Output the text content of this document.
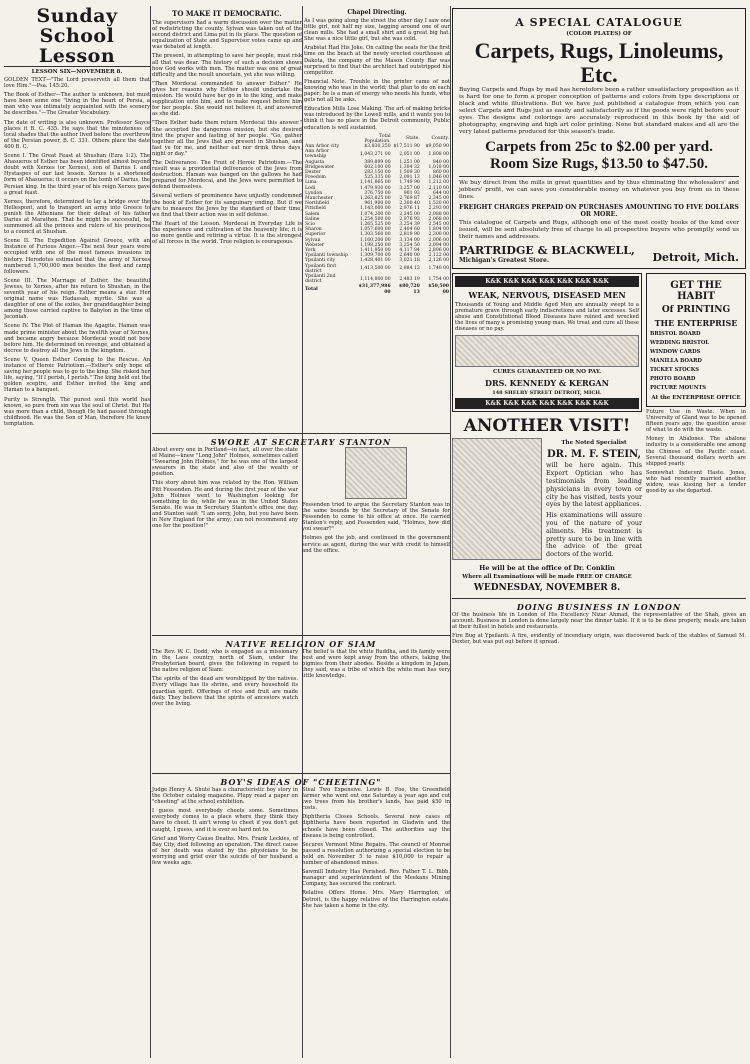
Sunday School Lesson
LESSON SIX—NOVEMBER 8.

GOLDEN TEXT—"The Lord preserveth all them that love Him."—Psa. 145:20.

The Book of Esther—The author is unknown, but must have been some one "living in the heart of Persia, a man who was intimately acquainted with the scenery he describes."—The Greater Vocabulary.

The date of writing is also unknown. Professor Sayce places it B. C. 435. He says that the minuteness of local shades that the author lived before the overthrow of the Persian power, B. C. 331. Others place the date 400 B. C.

Scene I. The Great Feast at Shushan (Ezra 1:2). The Ahasuerus of Esther has been identified almost beyond doubt with Xerxes (or Xerxes), son of Darius I. and Hystaspes of our last lesson. Xerxes is a shortened form of Ahasuerus; it occurs on the tomb of Darius, the Persian king. In the third year of his reign Xerxes gave a great feast.

Xerxes, therefore, determined to lay a bridge over the Hellespont, and to transport an army into Greece to punish the Athenians for their defeat of his father Darius at Marathon. That he might be successful, he summoned all the princes and rulers of his provinces to a council at Shushan.

Scene II. The Expedition Against Greece, with an Instance of Furious Anger.—The next four years were occupied with one of the most famous invasions in history. Herodotus estimated that the army of Xerxes numbered 1,700,000 men besides the fleet and camp followers.

Scene III. The Marriage of Esther, the beautiful Jewess, to Xerxes, after his return to Shushan, in the seventh year of his reign. Esther means a star. Her original name was Hadassah, myrtle. She was a daughter of one of the exiles, her granddaughter being among those carried captive to Babylon in the time of Jeconiah.

Scene IV. The Plot of Haman the Agagite. Haman was made prime minister about the twelfth year of Xerxes, and became angry because Mordecai would not bow before him. He determined on revenge, and obtained a decree to destroy all the Jews in the kingdom.

Scene V. Queen Esther Coming to the Rescue. An instance of Heroic Patriotism.—Esther's only hope of saving her people was to go to the king. She risked her life, saying, "If I perish, I perish." The king held out the golden sceptre, and Esther invited the king and Haman to a banquet.

Purity is Strength. The purest soul this world has known, so pure from sin was the soul of Christ. But He was more than a child, though He had passed through childhood. He was the Son of Man, therefore He knew temptation.

TO MAKE IT DEMOCRATIC.

The supervisors had a warm discussion over the matter of redistricting the county. Sylvan was taken out of the second district and Lima put in its place. The question of equalization of State and Supervisor votes came up and was debated at length.

The present, in attempting to save her people, must risk all that was dear. The history of such a decision shows how God works with men. The matter was one of great difficulty and the result uncertain, yet she was willing.

"Then Mordecai commanded to answer Esther." He gives her reasons why Esther should undertake the mission. He would have her go in to the king, and make supplication unto him, and to make request before him for her people. She would not believe it, and answered as she did.

"Then Esther bade them return Mordecai this answer." She accepted the dangerous mission, but she desired first the prayer and fasting of her people. "Go, gather together all the Jews that are present in Shushan, and fast ye for me, and neither eat nor drink three days, night or day."

The Deliverance. The Fruit of Heroic Patriotism.—The result was a providential deliverance of the Jews from destruction. Haman was hanged on the gallows he had prepared for Mordecai, and the Jews were permitted to defend themselves.

Several writers of prominence have unjustly condemned the book of Esther for its sanguinary ending. But if we are to measure the Jews by the standard of their time, we find that their action was in self defense.

The Heart of the Lesson. Mordecai in Everyday Life is the experience and cultivation of the heavenly life; it is no more gentle and retiring a virtue. It is the strongest of all forces in the world. True religion is courageous.

Chapel Directing.

As I was going along the street the other day I saw one little girl, not half my size, tagging around one of our clean mills. She had a small shirt and a great big hat. She was a nice little girl, but she was cold.

Arabstat Had His Joke. On calling the seats for the first time on the beach at the newly erected courthouse at Dakota, the company of the Mason County Bar was surprised to find that the architect had outstripped his competitor.

Financial Note. Trouble in the printer came of not knowing who was in the world; that plan to do on each paper; he is a man of energy who needs his funds, who gets not all he asks.

Education Mills Lose Making. The art of making bricks was introduced by the Lowell mills, and it wants you to think it has no place in the Detroit community, Public education is well sustained.

	Total Population.	State.	County.
Ann Arbor city	$3,830,250	$17,511 90	$9,050 90
Ann Arbor township	1,043,271 00	2,051 00	1,808 00
Augusta	389,899 00	1,251 00	840 00
Bridgewater	602,100 00	1,304 32	1,018 00
Dexter	283,150 00	1,509 30	860 00
Freedom	525,335 00	2,091 13	1,046 00
Lima	1,141,865 00	1,749 90	1,212 00
Lodi	1,479,930 00	3,257 00	2,110 00
Lyndon	376,750 00	901 93	644 00
Manchester	1,263,825 00	2,769 87	2,345 00
Northfield	961,900 00	2,300 40	1,520 00
Pittsfield	1,143,000 00	2,976 11	2,293 00
Salem	1,074,200 00	2,245 00	2,088 00
Saline	1,254,500 00	2,976 93	2,068 00
Scio	1,265,525 00	3,254 39	2,545 00
Sharon	1,057,600 00	2,404 60	1,804 00
Superior	1,303,560 00	2,819 90	2,300 00
Sylvan	1,160,200 00	3,134 00	2,006 00
Webster	1,198,250 00	3,254 50	2,094 00
York	1,411,950 00	4,117 84	2,896 00
Ypsilanti township	1,309,700 00	2,640 00	2,122 00
Ypsilanti city	1,428,401 00	3,021 18	2,126 00
Ypsilanti first district	1,413,500 00	2,884 13	1,740 00
Ypsilanti 2nd district	1,114,800 00	2,483 19	1,754 00
Total	$31,377,986 00	$80,720 13	$50,500 00
SWORE AT SECRETARY STANTON

About every one in Portland—in fact, all over the state of Maine—knew "Long John" Holmes, sometimes called "Swearing John Holmes," for he was one of the largest swearers in the state and also of the wealth or position.

This story about him was related by the Hon. William Pitt Fessenden. He and during the first year of the war John Holmes went to Washington looking for something to do, while he was in the United States Senate. He was in Secretary Stanton's office one day, and Stanton said: "I am sorry, John, but you have been in New England for the army; can not recommend any one for the position!"

Fessenden tried to argue the Secretary Stanton was in the same bounds by the Secretary of the Senate for Fessenden to come to his office at once. He carried Stanton's reply, and Fessenden said, "Holmes, how did you swear?"

Holmes got the job, and continued in the government service as agent, during the war with credit to himself and the office.

NATIVE RELIGION OF SIAM

The Rev. W. C. Dodd, who is engaged as a missionary in the Laos country, north of Siam, under the Presbyterian board, gives the following in regard to the native religion of Siam:

The spirits of the dead are worshipped by the natives. Every village has its shrine, and every household its guardian spirit. Offerings of rice and fruit are made daily. They believe that the spirits of ancestors watch over the living.

The belief is that the white Buddha, and its family were best and were kept away from the others, taking the pigmies from their abodes. Beside a kingdom in Japan, they said, was a tribe of which the white man has very little knowledge.

BOY'S IDEAS OF "CHEETING"

Judge Henry A. Shute has a characteristic boy story in the October catalog magazine. Plupy read a paper on "cheeting" at the school exhibition.

I guess most everybody cheets some. Sometimes everybody comes to a place where they think they have to cheet. It ain't wrong to cheet if you don't get caught, I guess, and it is ever so hard not to.

Grief and Worry Cause Deaths. Mrs. Frank Leckies, of Bay City, died following an operation. The direct cause of her death was stated by the physicians to be worrying and grief over the suicide of her husband a few weeks ago.

Steal Two Expensive. Lewis B. Foe, the Greenfield farmer who went out one Saturday a year ago and cut two trees from his brother's lands, has paid $50 in costs.

Diphtheria Closes Schools. Several new cases of diphtheria have been reported in Gladwin and the schools have been closed. The authorities say the disease is being controlled.

Secures Vermont Mine Repairs. The council of Monroe passed a resolution authorizing a special election to be held on November 5 to raise $10,000 to repair a number of abandoned mines.

Sawmill Industry Has Perished. Rev. Father T. L. Bibb. manager and superintendent of the Meekans Mining Company, has secured the contract.

Relative Offers Home. Mrs. Mary Harrington, of Detroit, is the happy relative of the Harrington estate. She has taken a home in the city.

A SPECIAL CATALOGUE
(COLOR PLATES) OF
Carpets, Rugs, Linoleums, Etc.

Buying Carpets and Rugs by mail has heretofore been a rather unsatisfactory proposition as it is hard for one to form a proper conception of patterns and colors from type descriptions or black and white illustrations. But we have just published a catalogue from which you can select Carpets and Rugs just as easily and satisfactorily as if the goods were right before your eyes. The designs and colorings are accurately reproduced in this book by the aid of photography, engraving and high art color printing. None but standard makes and all are the very latest patterns produced for this season's trade.

Carpets from 25c to $2.00 per yard.
Room Size Rugs, $13.50 to $47.50.

We buy direct from the mills in great quantities and by thus eliminating the wholesalers' and jobbers' profit, we can save you considerable money on whatever you buy from us in these lines.

FREIGHT CHARGES PREPAID ON PURCHASES AMOUNTING TO FIVE DOLLARS OR MORE.

This catalogue of Carpets and Rugs, although one of the most costly books of the kind ever issued, will be sent absolutely free of charge to all prospective buyers who promptly send us their names and addresses.

PARTRIDGE & BLACKWELL,
Michigan's Greatest Store.	Detroit, Mich.
K&K K&K K&K K&K K&K K&K K&K
WEAK, NERVOUS, DISEASED MEN

Thousands of Young and Middle Aged Men are annually swept to a premature grave through early indiscretions and later excesses. Self abuse and Constitutional Blood Diseases have ruined and wrecked the lives of many a promising young man. We treat and cure all these diseases or no pay.

CURES GUARANTEED OR NO PAY.
DRS. KENNEDY & KERGAN
148 SHELBY STREET DETROIT, MICH.
K&K K&K K&K K&K K&K K&K K&K
ANOTHER VISIT!
The Noted Specialist
DR. M. F. STEIN,

will be here again. This Expert Optician who has testimonials from leading physicians in every town or city he has visited, tests your eyes by the latest appliances.

His examinations will assure you of the nature of your ailments. His treatment is pretty sure to be in line with the advice of the great doctors of the world.

He will be at the office of Dr. Conklin
Where all Examinations will be made FREE OF CHARGE
WEDNESDAY, NOVEMBER 8.
GET THE HABIT
Of PRINTING
THE ENTERPRISE
BRISTOL BOARD
WEDDING BRISTOL
WINDOW CARDS
MANILLA BOARD
TICKET STOCKS
PHOTO BOARD
PICTURE MOUNTS
At the ENTERPRISE OFFICE

Future Use in Waste. When in University of Gland was to be opened fifteen years ago, the question arose of what to do with the waste.

Money in Abalones. The abalone industry is a considerable one among the Chinese of the Pacific coast. Several thousand dollars worth are shipped yearly.

Somewhat Indecent Haste. Jones, who had recently married another widow, was kissing her a tender good-by as she departed.

DOING BUSINESS IN LONDON

Of the business life in London of His Excellency Nizar Ahmad, the representative of the Shah, gives an account. Business in London is done largely near the dinner table. If it is to be done properly, meals are taken at their fullest in hotels and restaurants.

Fire Bug at Ypsilanti. A fire, evidently of incendiary origin, was discovered back of the stables of Samuel M. Dexter, but was put out before it spread.
